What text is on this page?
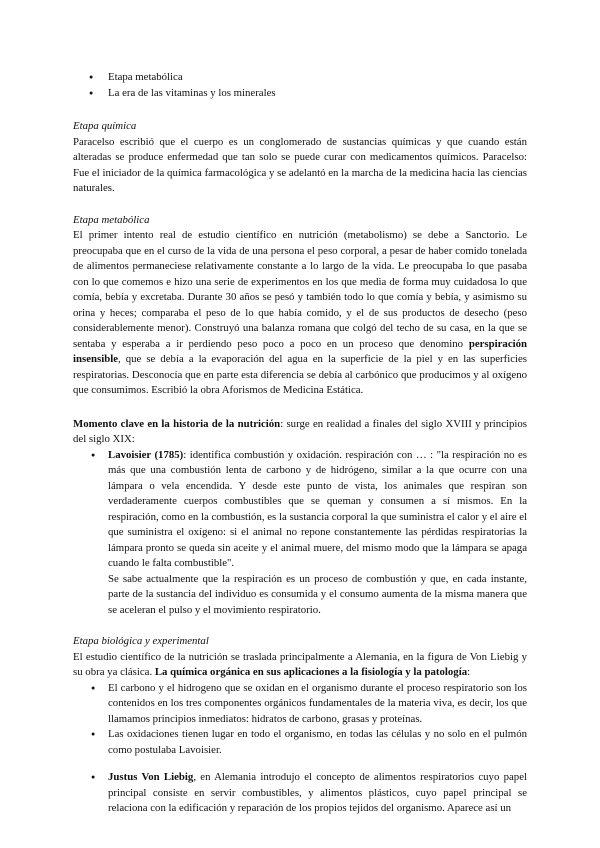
● Etapa metabólica
● La era de las vitaminas y los minerales
Etapa química

Paracelso escribió que el cuerpo es un conglomerado de sustancias químicas y que cuando están alteradas se produce enfermedad que tan solo se puede curar con medicamentos químicos. Paracelso: Fue el iniciador de la química farmacológica y se adelantó en la marcha de la medicina hacia las ciencias naturales.

Etapa metabólica

El primer intento real de estudio científico en nutrición (metabolismo) se debe a Sanctorio. Le preocupaba que en el curso de la vida de una persona el peso corporal, a pesar de haber comido tonelada de alimentos permaneciese relativamente constante a lo largo de la vida. Le preocupaba lo que pasaba con lo que comemos e hizo una serie de experimentos en los que media de forma muy cuidadosa lo que comía, bebía y excretaba. Durante 30 años se pesó y también todo lo que comía y bebía, y asimismo su orina y heces; comparaba el peso de lo que había comido, y el de sus productos de desecho (peso considerablemente menor). Construyó una balanza romana que colgó del techo de su casa, en la que se sentaba y esperaba a ir perdiendo peso poco a poco en un proceso que denomino perspiración insensible, que se debía a la evaporación del agua en la superficie de la piel y en las superficies respiratorias. Desconocía que en parte esta diferencia se debía al carbónico que producimos y al oxígeno que consumimos. Escribió la obra Aforismos de Medicina Estática.

Momento clave en la historia de la nutrición: surge en realidad a finales del siglo XVIII y principios del siglo XIX:

● Lavoisier (1785): identifica combustión y oxidación. respiración con … : "la respiración no es más que una combustión lenta de carbono y de hidrógeno, similar a la que ocurre con una lámpara o vela encendida. Y desde este punto de vista, los animales que respiran son verdaderamente cuerpos combustibles que se queman y consumen a sí mismos. En la respiración, como en la combustión, es la sustancia corporal la que suministra el calor y el aire el que suministra el oxígeno: si el animal no repone constantemente las pérdidas respiratorias la lámpara pronto se queda sin aceite y el animal muere, del mismo modo que la lámpara se apaga cuando le falta combustible".

Se sabe actualmente que la respiración es un proceso de combustión y que, en cada instante, parte de la sustancia del individuo es consumida y el consumo aumenta de la misma manera que se aceleran el pulso y el movimiento respiratorio.

Etapa biológica y experimental

El estudio científico de la nutrición se traslada principalmente a Alemania, en la figura de Von Liebig y su obra ya clásica. La química orgánica en sus aplicaciones a la fisiología y la patología:

● El carbono y el hidrogeno que se oxidan en el organismo durante el proceso respiratorio son los contenidos en los tres componentes orgánicos fundamentales de la materia viva, es decir, los que llamamos principios inmediatos: hidratos de carbono, grasas y proteínas.

● Las oxidaciones tienen lugar en todo el organismo, en todas las células y no solo en el pulmón como postulaba Lavoisier.

● Justus Von Liebig, en Alemania introdujo el concepto de alimentos respiratorios cuyo papel principal consiste en servir combustibles, y alimentos plásticos, cuyo papel principal se relaciona con la edificación y reparación de los propios tejidos del organismo. Aparece así un
